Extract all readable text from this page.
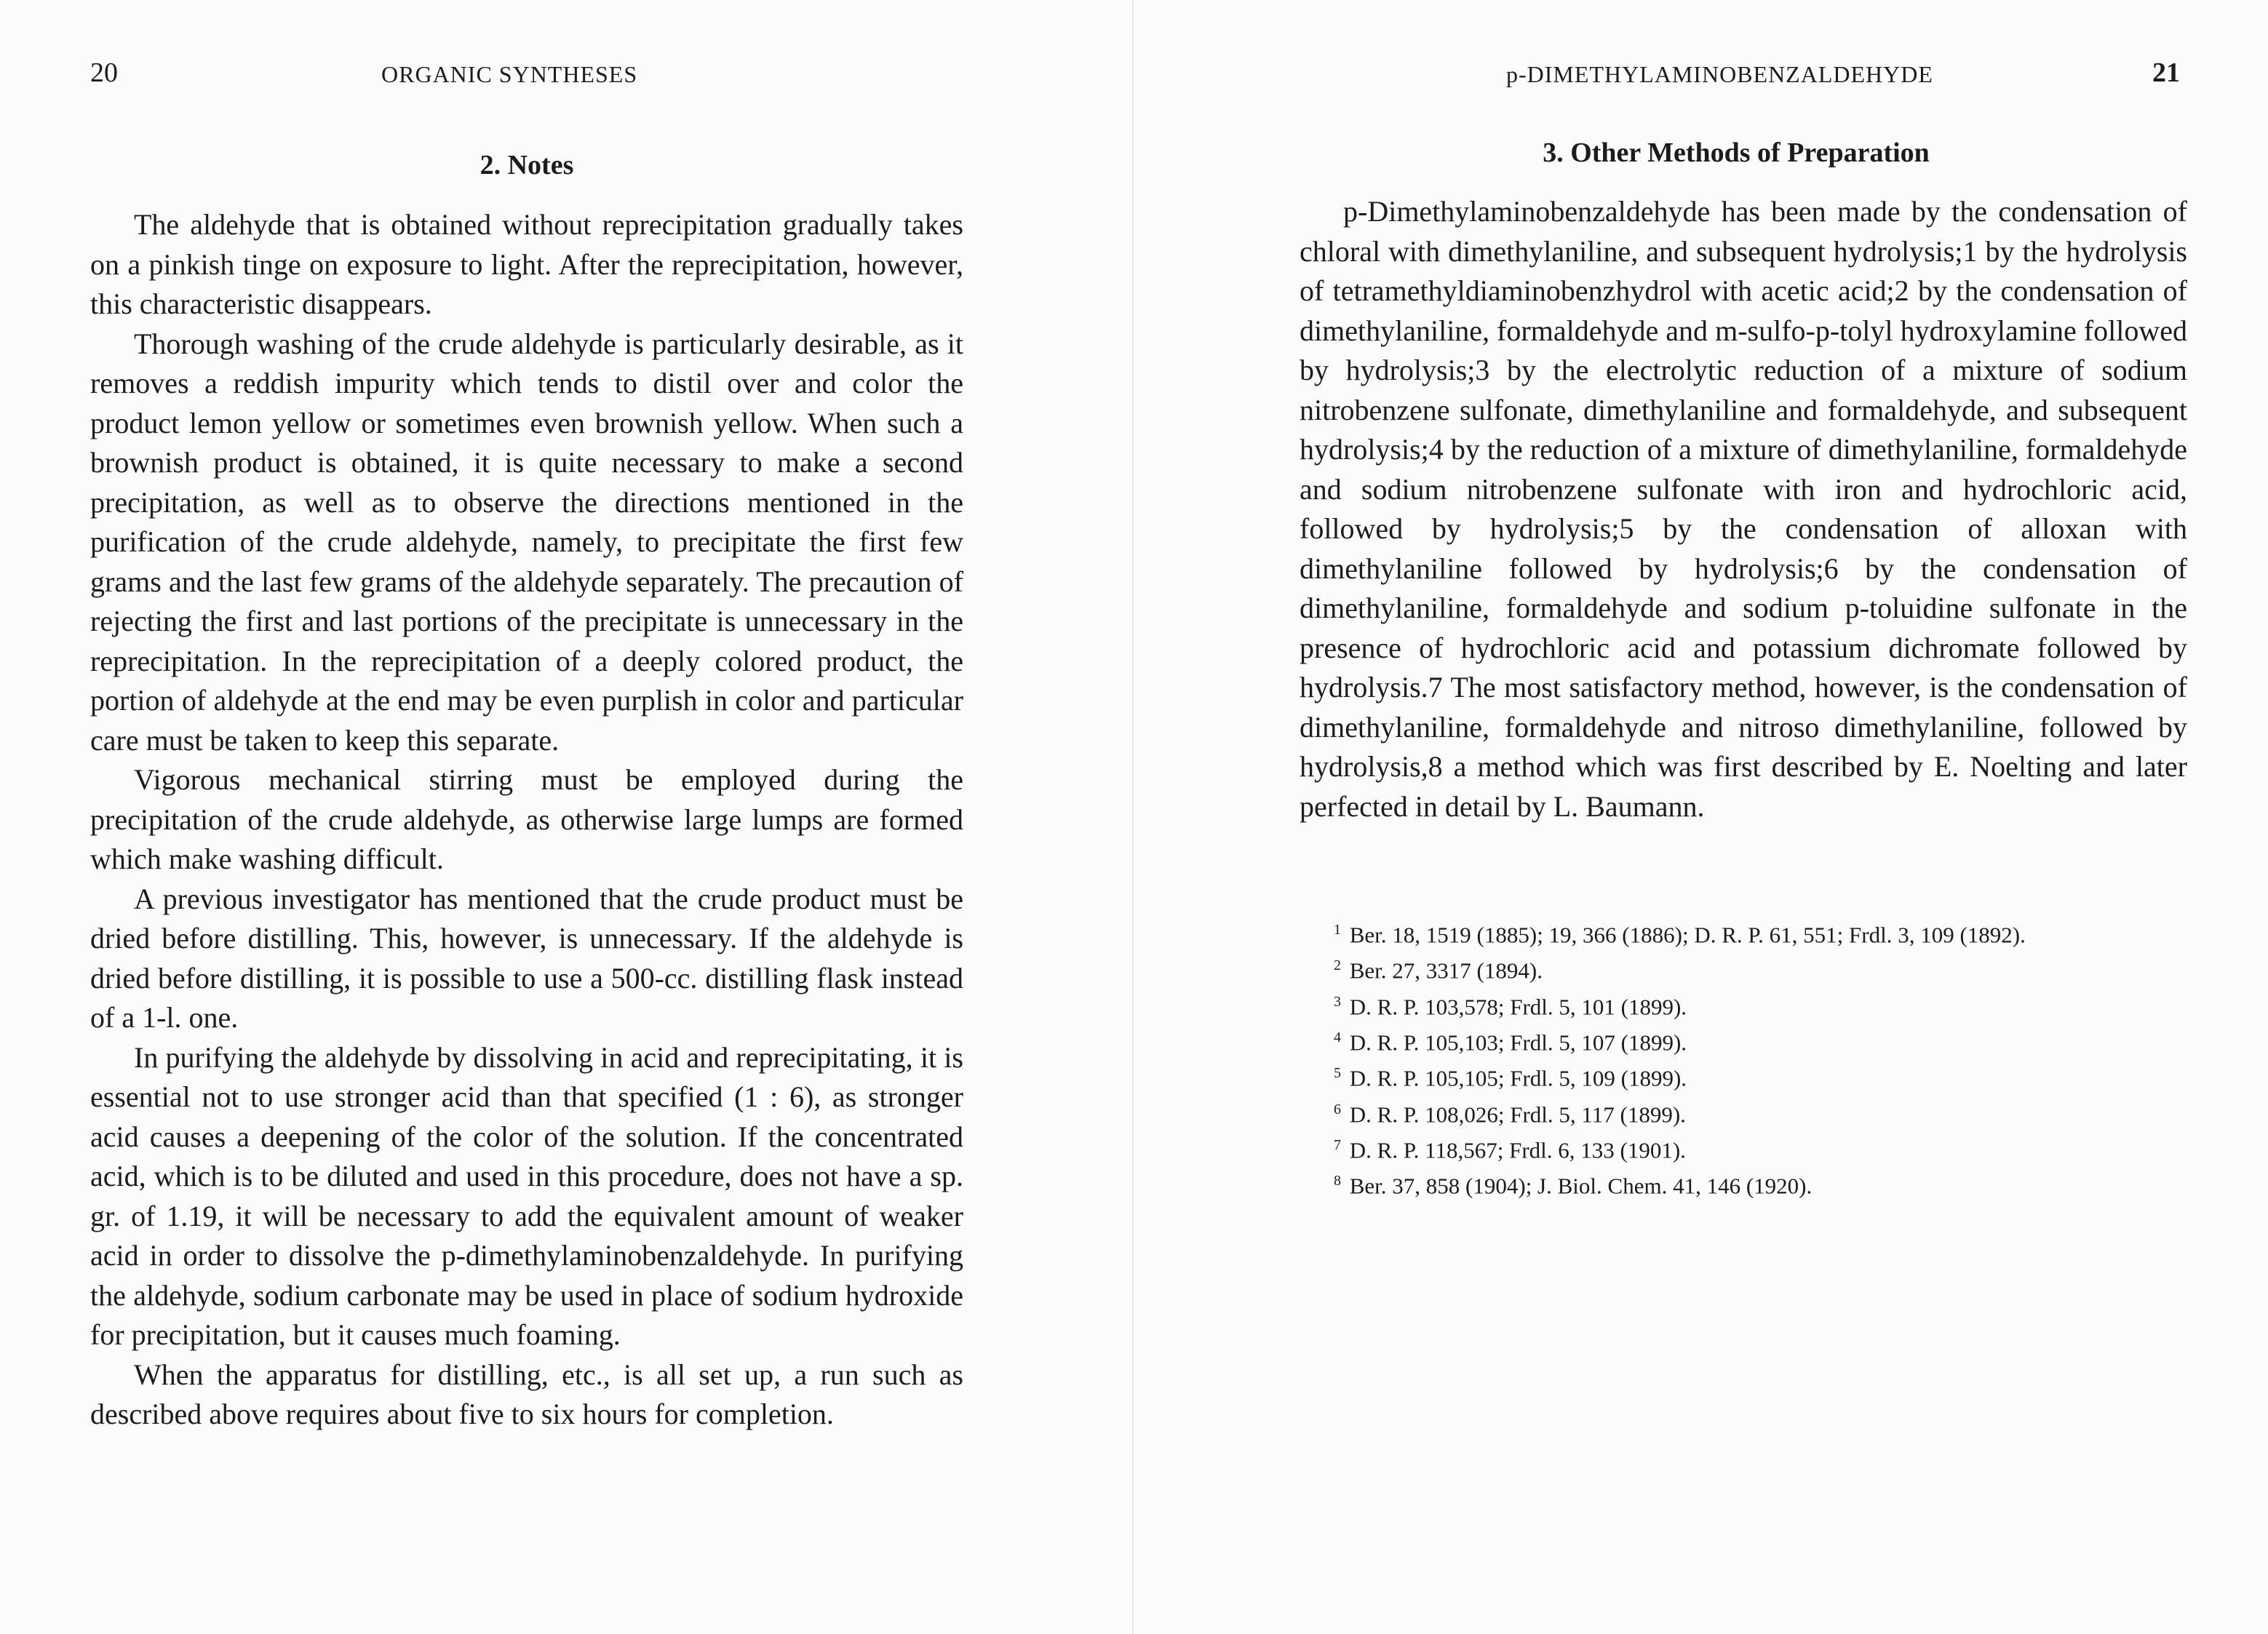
20	ORGANIC SYNTHESES
2. Notes

The aldehyde that is obtained without reprecipitation gradually takes on a pinkish tinge on exposure to light. After the reprecipitation, however, this characteristic disappears.

Thorough washing of the crude aldehyde is particularly desirable, as it removes a reddish impurity which tends to distil over and color the product lemon yellow or sometimes even brownish yellow. When such a brownish product is obtained, it is quite necessary to make a second precipitation, as well as to observe the directions mentioned in the purification of the crude aldehyde, namely, to precipitate the first few grams and the last few grams of the aldehyde separately. The precaution of rejecting the first and last portions of the precipitate is unnecessary in the reprecipitation. In the reprecipitation of a deeply colored product, the portion of aldehyde at the end may be even purplish in color and particular care must be taken to keep this separate.

Vigorous mechanical stirring must be employed during the precipitation of the crude aldehyde, as otherwise large lumps are formed which make washing difficult.

A previous investigator has mentioned that the crude product must be dried before distilling. This, however, is unnecessary. If the aldehyde is dried before distilling, it is possible to use a 500-cc. distilling flask instead of a 1-l. one.

In purifying the aldehyde by dissolving in acid and reprecipitating, it is essential not to use stronger acid than that specified (1 : 6), as stronger acid causes a deepening of the color of the solution. If the concentrated acid, which is to be diluted and used in this procedure, does not have a sp. gr. of 1.19, it will be necessary to add the equivalent amount of weaker acid in order to dissolve the p-dimethylaminobenzaldehyde. In purifying the aldehyde, sodium carbonate may be used in place of sodium hydroxide for precipitation, but it causes much foaming.

When the apparatus for distilling, etc., is all set up, a run such as described above requires about five to six hours for completion.

p-DIMETHYLAMINOBENZALDEHYDE	21
3. Other Methods of Preparation

p-Dimethylaminobenzaldehyde has been made by the condensation of chloral with dimethylaniline, and subsequent hydrolysis;1 by the hydrolysis of tetramethyldiaminobenzhydrol with acetic acid;2 by the condensation of dimethylaniline, formaldehyde and m-sulfo-p-tolyl hydroxylamine followed by hydrolysis;3 by the electrolytic reduction of a mixture of sodium nitrobenzene sulfonate, dimethylaniline and formaldehyde, and subsequent hydrolysis;4 by the reduction of a mixture of dimethylaniline, formaldehyde and sodium nitrobenzene sulfonate with iron and hydrochloric acid, followed by hydrolysis;5 by the condensation of alloxan with dimethylaniline followed by hydrolysis;6 by the condensation of dimethylaniline, formaldehyde and sodium p-toluidine sulfonate in the presence of hydrochloric acid and potassium dichromate followed by hydrolysis.7 The most satisfactory method, however, is the condensation of dimethylaniline, formaldehyde and nitroso dimethylaniline, followed by hydrolysis,8 a method which was first described by E. Noelting and later perfected in detail by L. Baumann.

$^1$ Ber. 18, 1519 (1885); 19, 366 (1886); D. R. P. 61, 551; Frdl. 3, 109 (1892).
$^2$ Ber. 27, 3317 (1894).
$^3$ D. R. P. 103,578; Frdl. 5, 101 (1899).
$^4$ D. R. P. 105,103; Frdl. 5, 107 (1899).
$^5$ D. R. P. 105,105; Frdl. 5, 109 (1899).
$^6$ D. R. P. 108,026; Frdl. 5, 117 (1899).
$^7$ D. R. P. 118,567; Frdl. 6, 133 (1901).
$^8$ Ber. 37, 858 (1904); J. Biol. Chem. 41, 146 (1920).
